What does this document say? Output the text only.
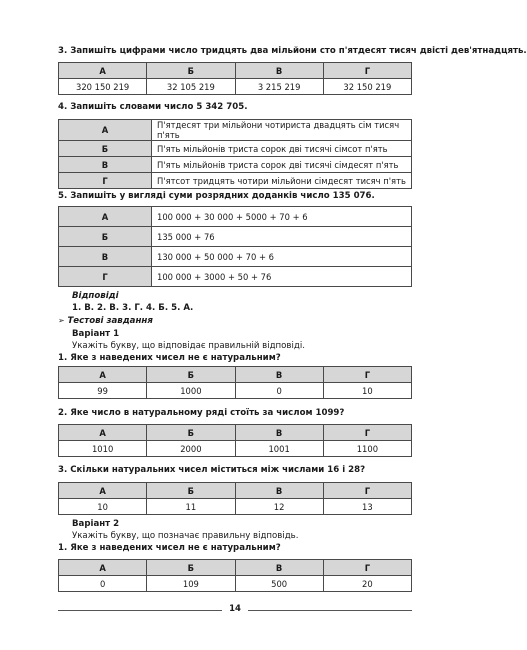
3. Запишіть цифрами число тридцять два мільйони сто п'ятдесят тисяч двісті дев'ятнадцять.
А	Б	В	Г
320 150 219	32 105 219	3 215 219	32 150 219
4. Запишіть словами число 5 342 705.
А	П'ятдесят три мільйони чотириста двадцять сім тисяч п'ять
Б	П'ять мільйонів триста сорок дві тисячі сімсот п'ять
В	П'ять мільйонів триста сорок дві тисячі сімдесят п'ять
Г	П'ятсот тридцять чотири мільйони сімдесят тисяч п'ять
5. Запишіть у вигляді суми розрядних доданків число 135 076.
А	100 000 + 30 000 + 5000 + 70 + 6
Б	135 000 + 76
В	130 000 + 50 000 + 70 + 6
Г	100 000 + 3000 + 50 + 76
Відповіді
1. В. 2. В. 3. Г. 4. Б. 5. А.
➢ Тестові завдання
Варіант 1
Укажіть букву, що відповідає правильній відповіді.
1. Яке з наведених чисел не є натуральним?
А	Б	В	Г
99	1000	0	10
2. Яке число в натуральному ряді стоїть за числом 1099?
А	Б	В	Г
1010	2000	1001	1100
3. Скільки натуральних чисел міститься між числами 16 і 28?
А	Б	В	Г
10	11	12	13
Варіант 2
Укажіть букву, що позначає правильну відповідь.
1. Яке з наведених чисел не є натуральним?
А	Б	В	Г
0	109	500	20
14
